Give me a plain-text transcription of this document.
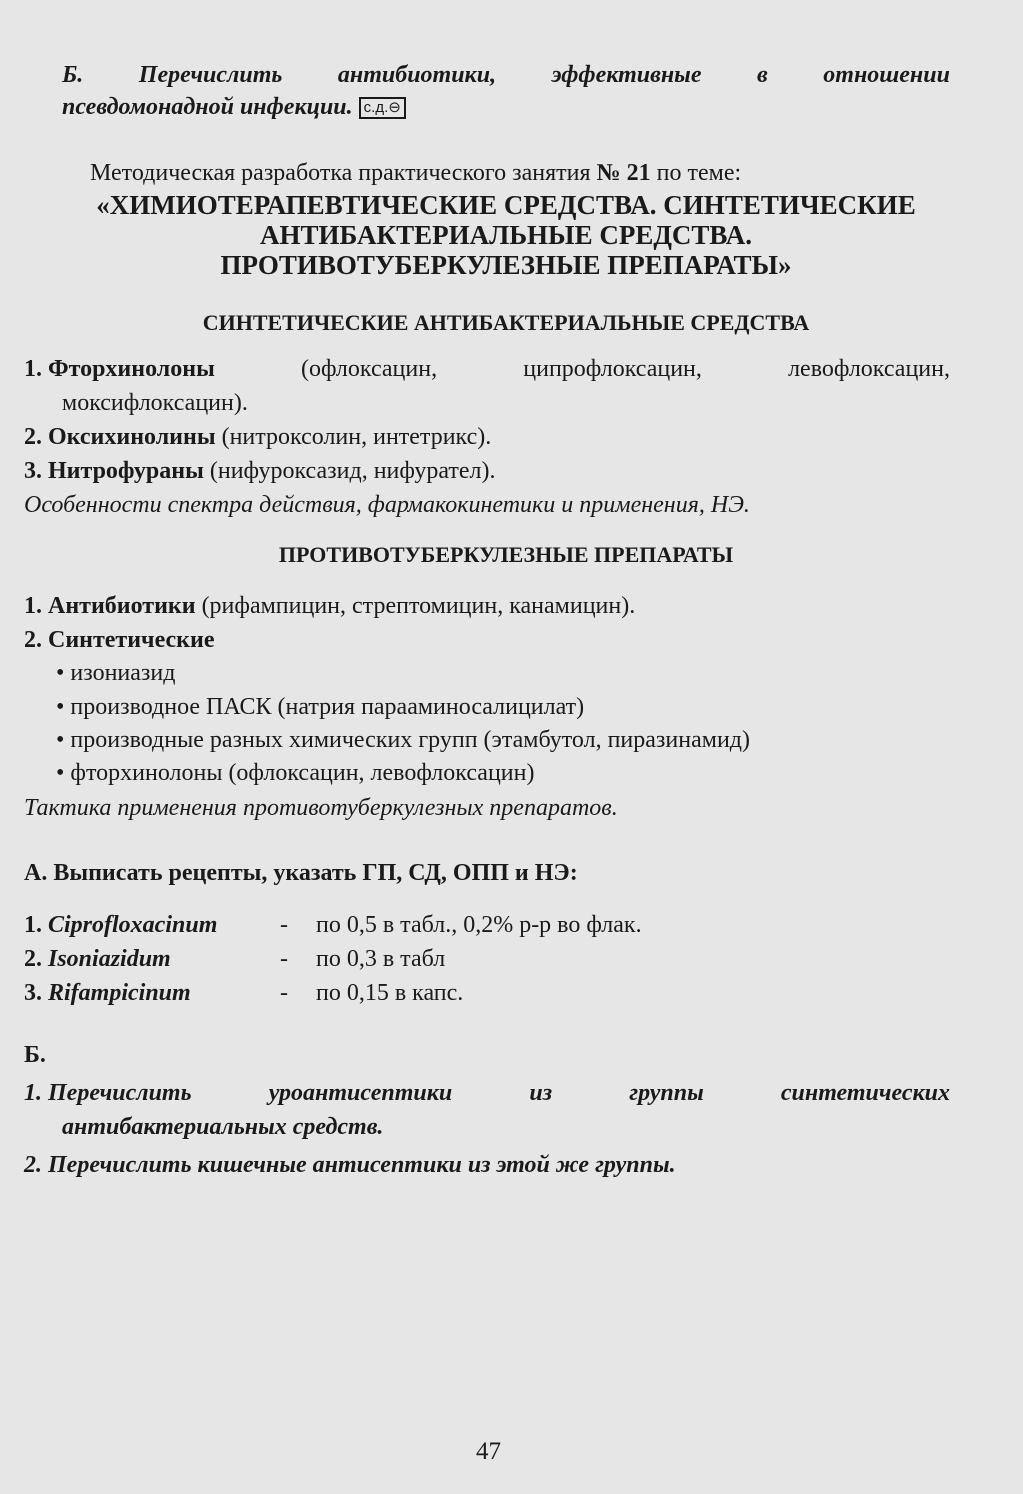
Б. Перечислить антибиотики, эффективные в отношении
псевдомонадной инфекции. с.д.⊖
Методическая разработка практического занятия № 21 по теме:
«ХИМИОТЕРАПЕВТИЧЕСКИЕ СРЕДСТВА. СИНТЕТИЧЕСКИЕ
АНТИБАКТЕРИАЛЬНЫЕ СРЕДСТВА.
ПРОТИВОТУБЕРКУЛЕЗНЫЕ ПРЕПАРАТЫ»
СИНТЕТИЧЕСКИЕ АНТИБАКТЕРИАЛЬНЫЕ СРЕДСТВА
1. Фторхинолоны	(офлоксацин,	ципрофлоксацин,	левофлоксацин,
моксифлоксацин).
2. Оксихинолины (нитроксолин, интетрикс).
3. Нитрофураны (нифуроксазид, нифурател).
Особенности спектра действия, фармакокинетики и применения, НЭ.
ПРОТИВОТУБЕРКУЛЕЗНЫЕ ПРЕПАРАТЫ
1. Антибиотики (рифампицин, стрептомицин, канамицин).
2. Синтетические
• изониазид
• производное ПАСК (натрия парааминосалицилат)
• производные разных химических групп (этамбутол, пиразинамид)
• фторхинолоны (офлоксацин, левофлоксацин)
Тактика применения противотуберкулезных препаратов.
А. Выписать рецепты, указать ГП, СД, ОПП и НЭ:
1. Ciprofloxacinum	- по 0,5 в табл., 0,2% р-р во флак.
2. Isoniazidum	- по 0,3 в табл
3. Rifampicinum	- по 0,15 в капс.
Б.
1. Перечислить	уроантисептики	из	группы	синтетических
антибактериальных средств.
2. Перечислить кишечные антисептики из этой же группы.
47
